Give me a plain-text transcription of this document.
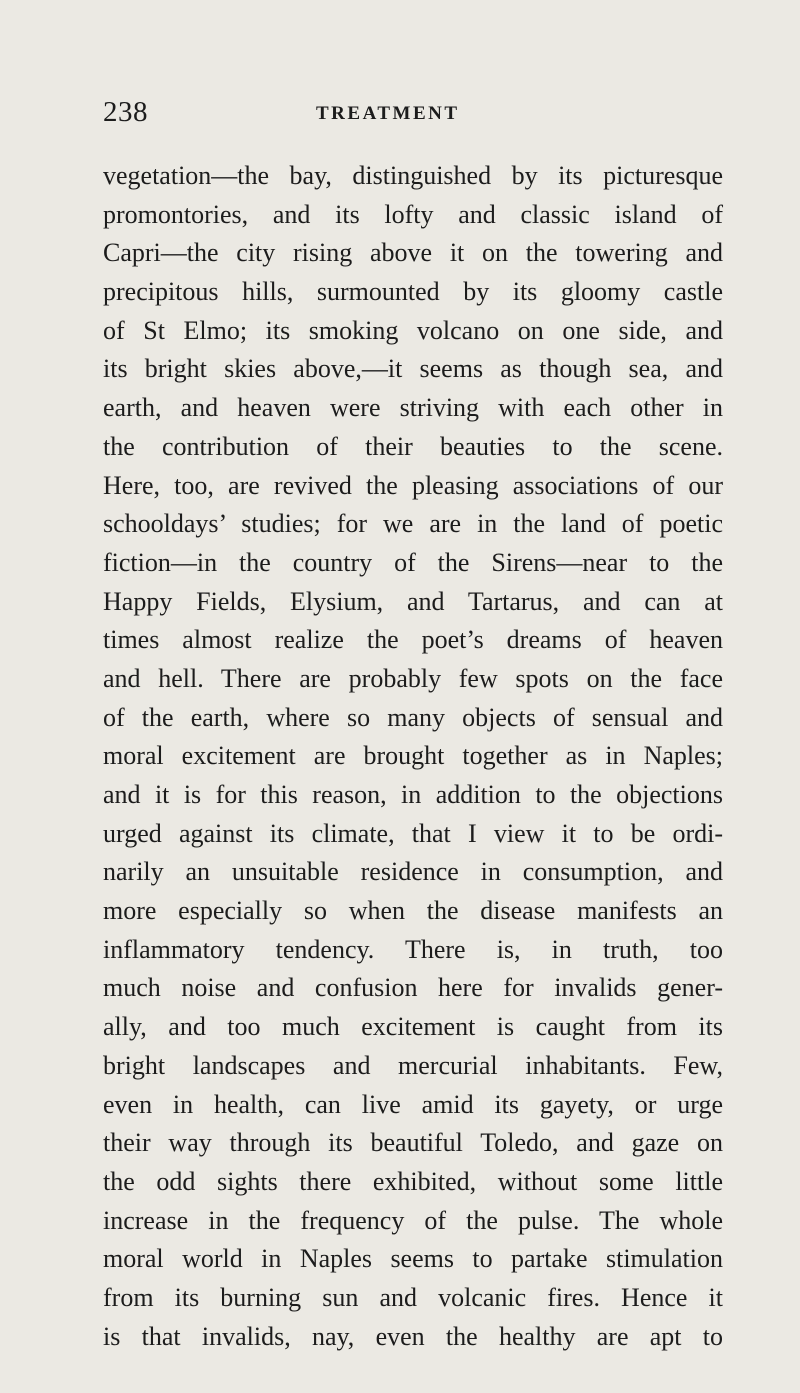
238	TREATMENT
vegetation—the bay, distinguished by its picturesque
promontories, and its lofty and classic island of
Capri—the city rising above it on the towering and
precipitous hills, surmounted by its gloomy castle
of St Elmo; its smoking volcano on one side, and
its bright skies above,—it seems as though sea, and
earth, and heaven were striving with each other in
the contribution of their beauties to the scene.
Here, too, are revived the pleasing associations of our
schooldays’ studies; for we are in the land of poetic
fiction—in the country of the Sirens—near to the
Happy Fields, Elysium, and Tartarus, and can at
times almost realize the poet’s dreams of heaven
and hell. There are probably few spots on the face
of the earth, where so many objects of sensual and
moral excitement are brought together as in Naples;
and it is for this reason, in addition to the objections
urged against its climate, that I view it to be ordi-
narily an unsuitable residence in consumption, and
more especially so when the disease manifests an
inflammatory tendency. There is, in truth, too
much noise and confusion here for invalids gener-
ally, and too much excitement is caught from its
bright landscapes and mercurial inhabitants. Few,
even in health, can live amid its gayety, or urge
their way through its beautiful Toledo, and gaze on
the odd sights there exhibited, without some little
increase in the frequency of the pulse. The whole
moral world in Naples seems to partake stimulation
from its burning sun and volcanic fires. Hence it
is that invalids, nay, even the healthy are apt to
